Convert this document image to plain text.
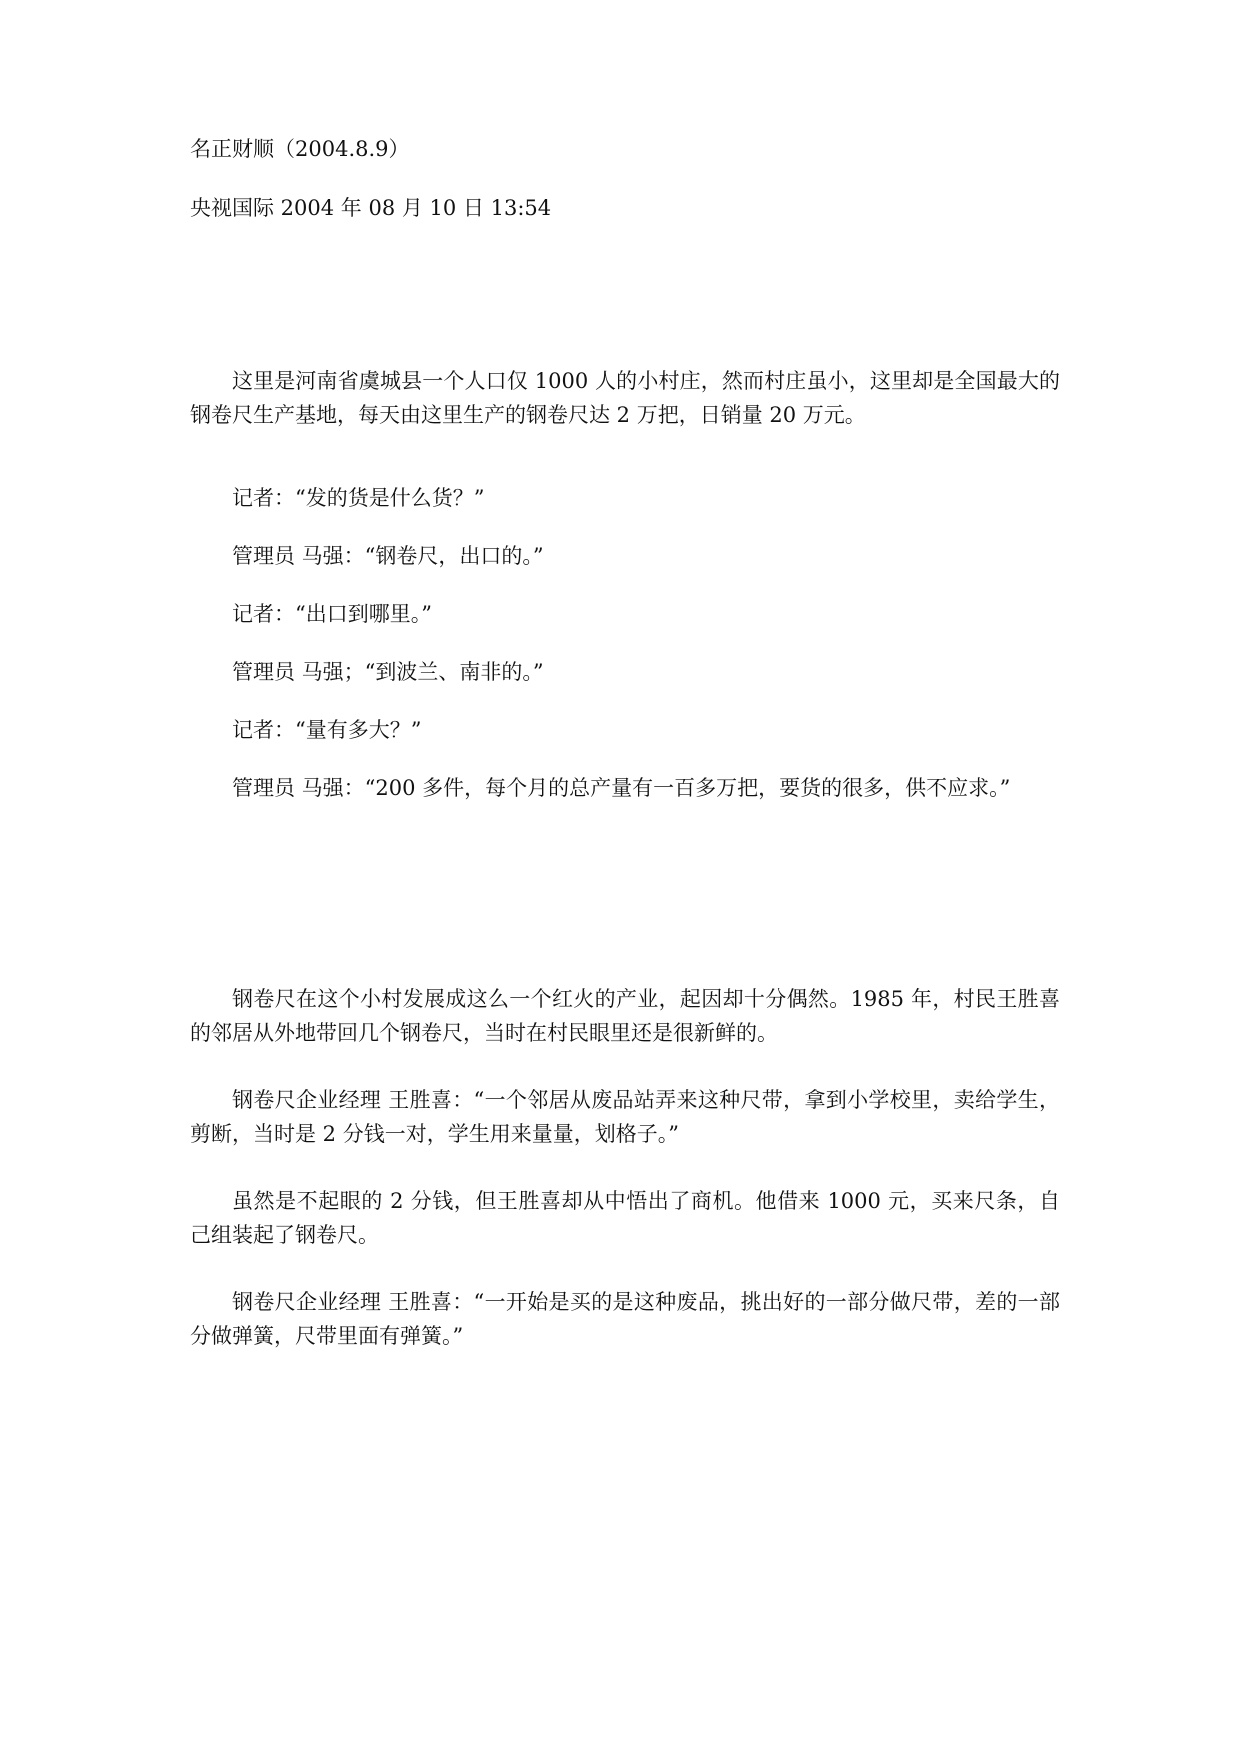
名正财顺（2004.8.9）
央视国际 2004 年 08 月 10 日 13:54

这里是河南省虞城县一个人口仅 1000 人的小村庄，然而村庄虽小，这里却是全国最大的钢卷尺生产基地，每天由这里生产的钢卷尺达 2 万把，日销量 20 万元。

记者：“发的货是什么货？”
管理员 马强：“钢卷尺，出口的。”
记者：“出口到哪里。”
管理员 马强；“到波兰、南非的。”
记者：“量有多大？”
管理员 马强：“200 多件，每个月的总产量有一百多万把，要货的很多，供不应求。”

钢卷尺在这个小村发展成这么一个红火的产业，起因却十分偶然。1985 年，村民王胜喜的邻居从外地带回几个钢卷尺，当时在村民眼里还是很新鲜的。

钢卷尺企业经理 王胜喜：“一个邻居从废品站弄来这种尺带，拿到小学校里，卖给学生，剪断，当时是 2 分钱一对，学生用来量量，划格子。”

虽然是不起眼的 2 分钱，但王胜喜却从中悟出了商机。他借来 1000 元，买来尺条，自己组装起了钢卷尺。

钢卷尺企业经理 王胜喜：“一开始是买的是这种废品，挑出好的一部分做尺带，差的一部分做弹簧，尺带里面有弹簧。”
